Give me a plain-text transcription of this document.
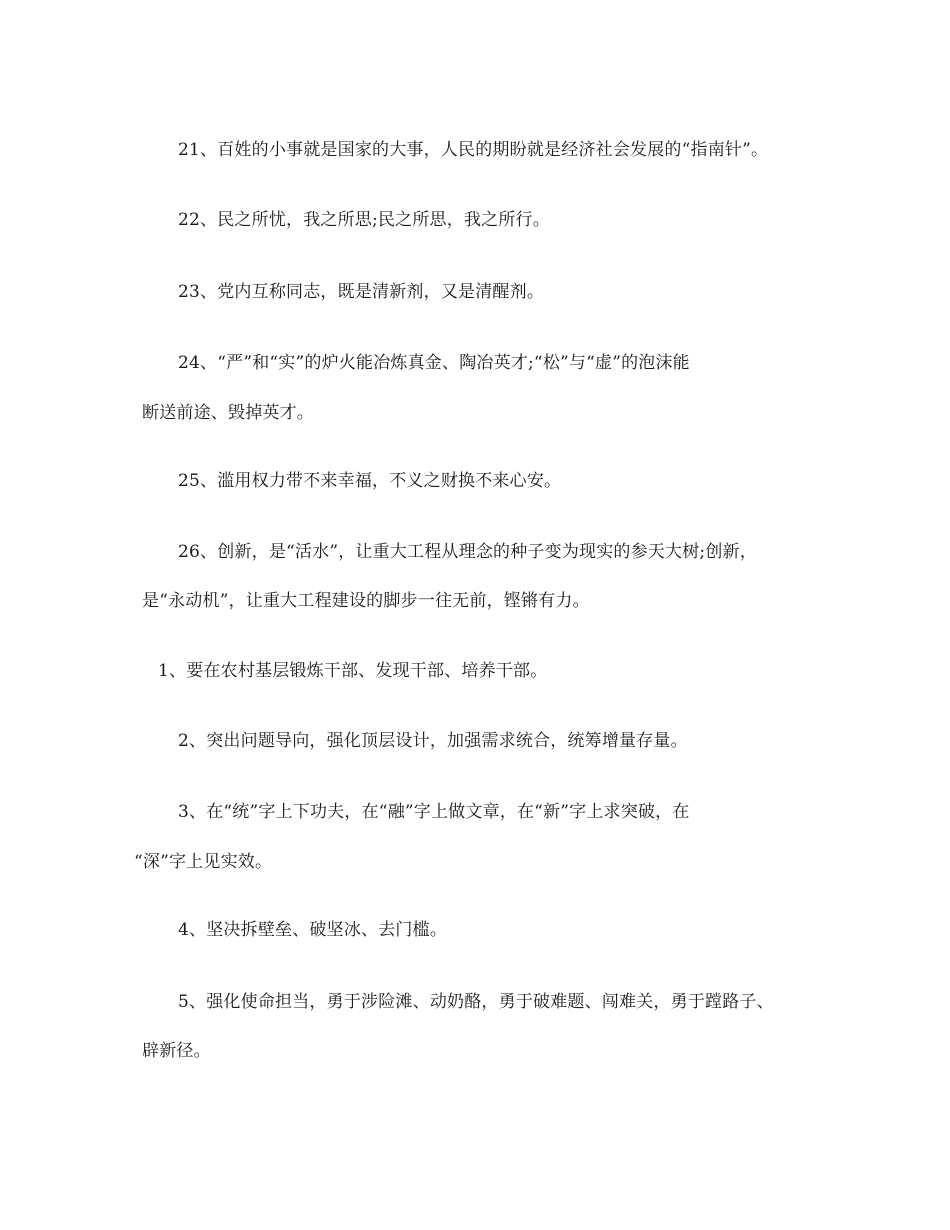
21、百姓的小事就是国家的大事，人民的期盼就是经济社会发展的“指南针”。
22、民之所忧，我之所思;民之所思，我之所行。
23、党内互称同志，既是清新剂，又是清醒剂。
24、“严”和“实”的炉火能冶炼真金、陶冶英才;“松”与“虚”的泡沫能
断送前途、毁掉英才。
25、滥用权力带不来幸福，不义之财换不来心安。
26、创新，是“活水”，让重大工程从理念的种子变为现实的参天大树;创新，
是“永动机”，让重大工程建设的脚步一往无前，铿锵有力。
1、要在农村基层锻炼干部、发现干部、培养干部。
2、突出问题导向，强化顶层设计，加强需求统合，统筹增量存量。
3、在“统”字上下功夫，在“融”字上做文章，在“新”字上求突破，在
“深”字上见实效。
4、坚决拆壁垒、破坚冰、去门槛。
5、强化使命担当，勇于涉险滩、动奶酪，勇于破难题、闯难关，勇于蹚路子、
辟新径。
